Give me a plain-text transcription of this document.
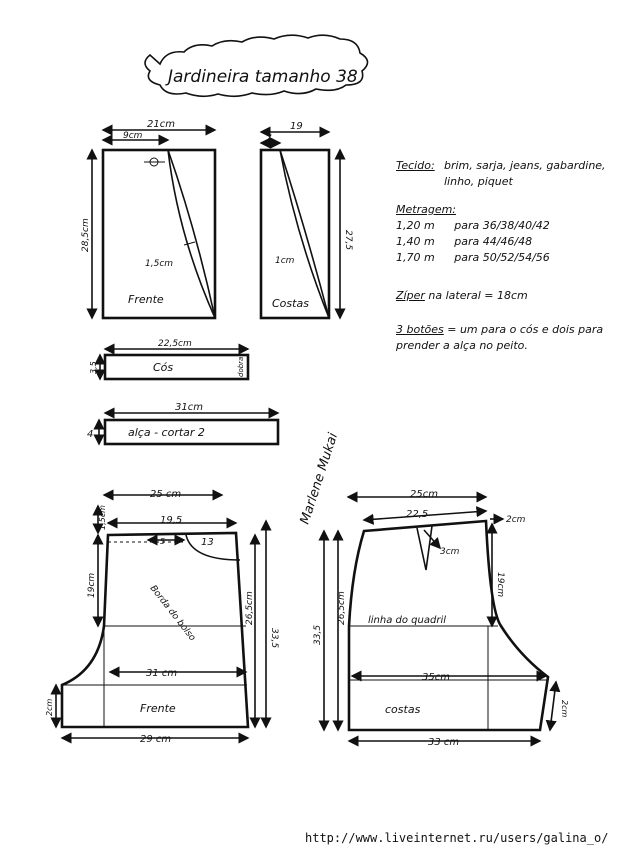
Jardineira tamanho 38
21cm
9cm
28,5cm
1,5cm
Frente
19
7
27,5
1cm
Costas
22,5cm
3,5	dobra
Cós
31cm
4	alça - cortar 2	Marlene Mukai
25 cm
19,5
1,5cm
5	13
19cm
26,5cm
33,5
Borda do bolso
31 cm
Frente
29 cm
2cm
25cm
22,5	2cm
3cm
19cm
26,5cm
33,5
linha do quadril
35cm
costas
33 cm
2cm
Tecido: brim, sarja, jeans, gabardine, linho, piquet
Metragem:
1,20 m para 36/38/40/42
1,40 m para 44/46/48
1,70 m para 50/52/54/56
Zíper na lateral = 18cm
3 botões = um para o cós e dois para prender a alça no peito.
http://www.liveinternet.ru/users/galina_o/
